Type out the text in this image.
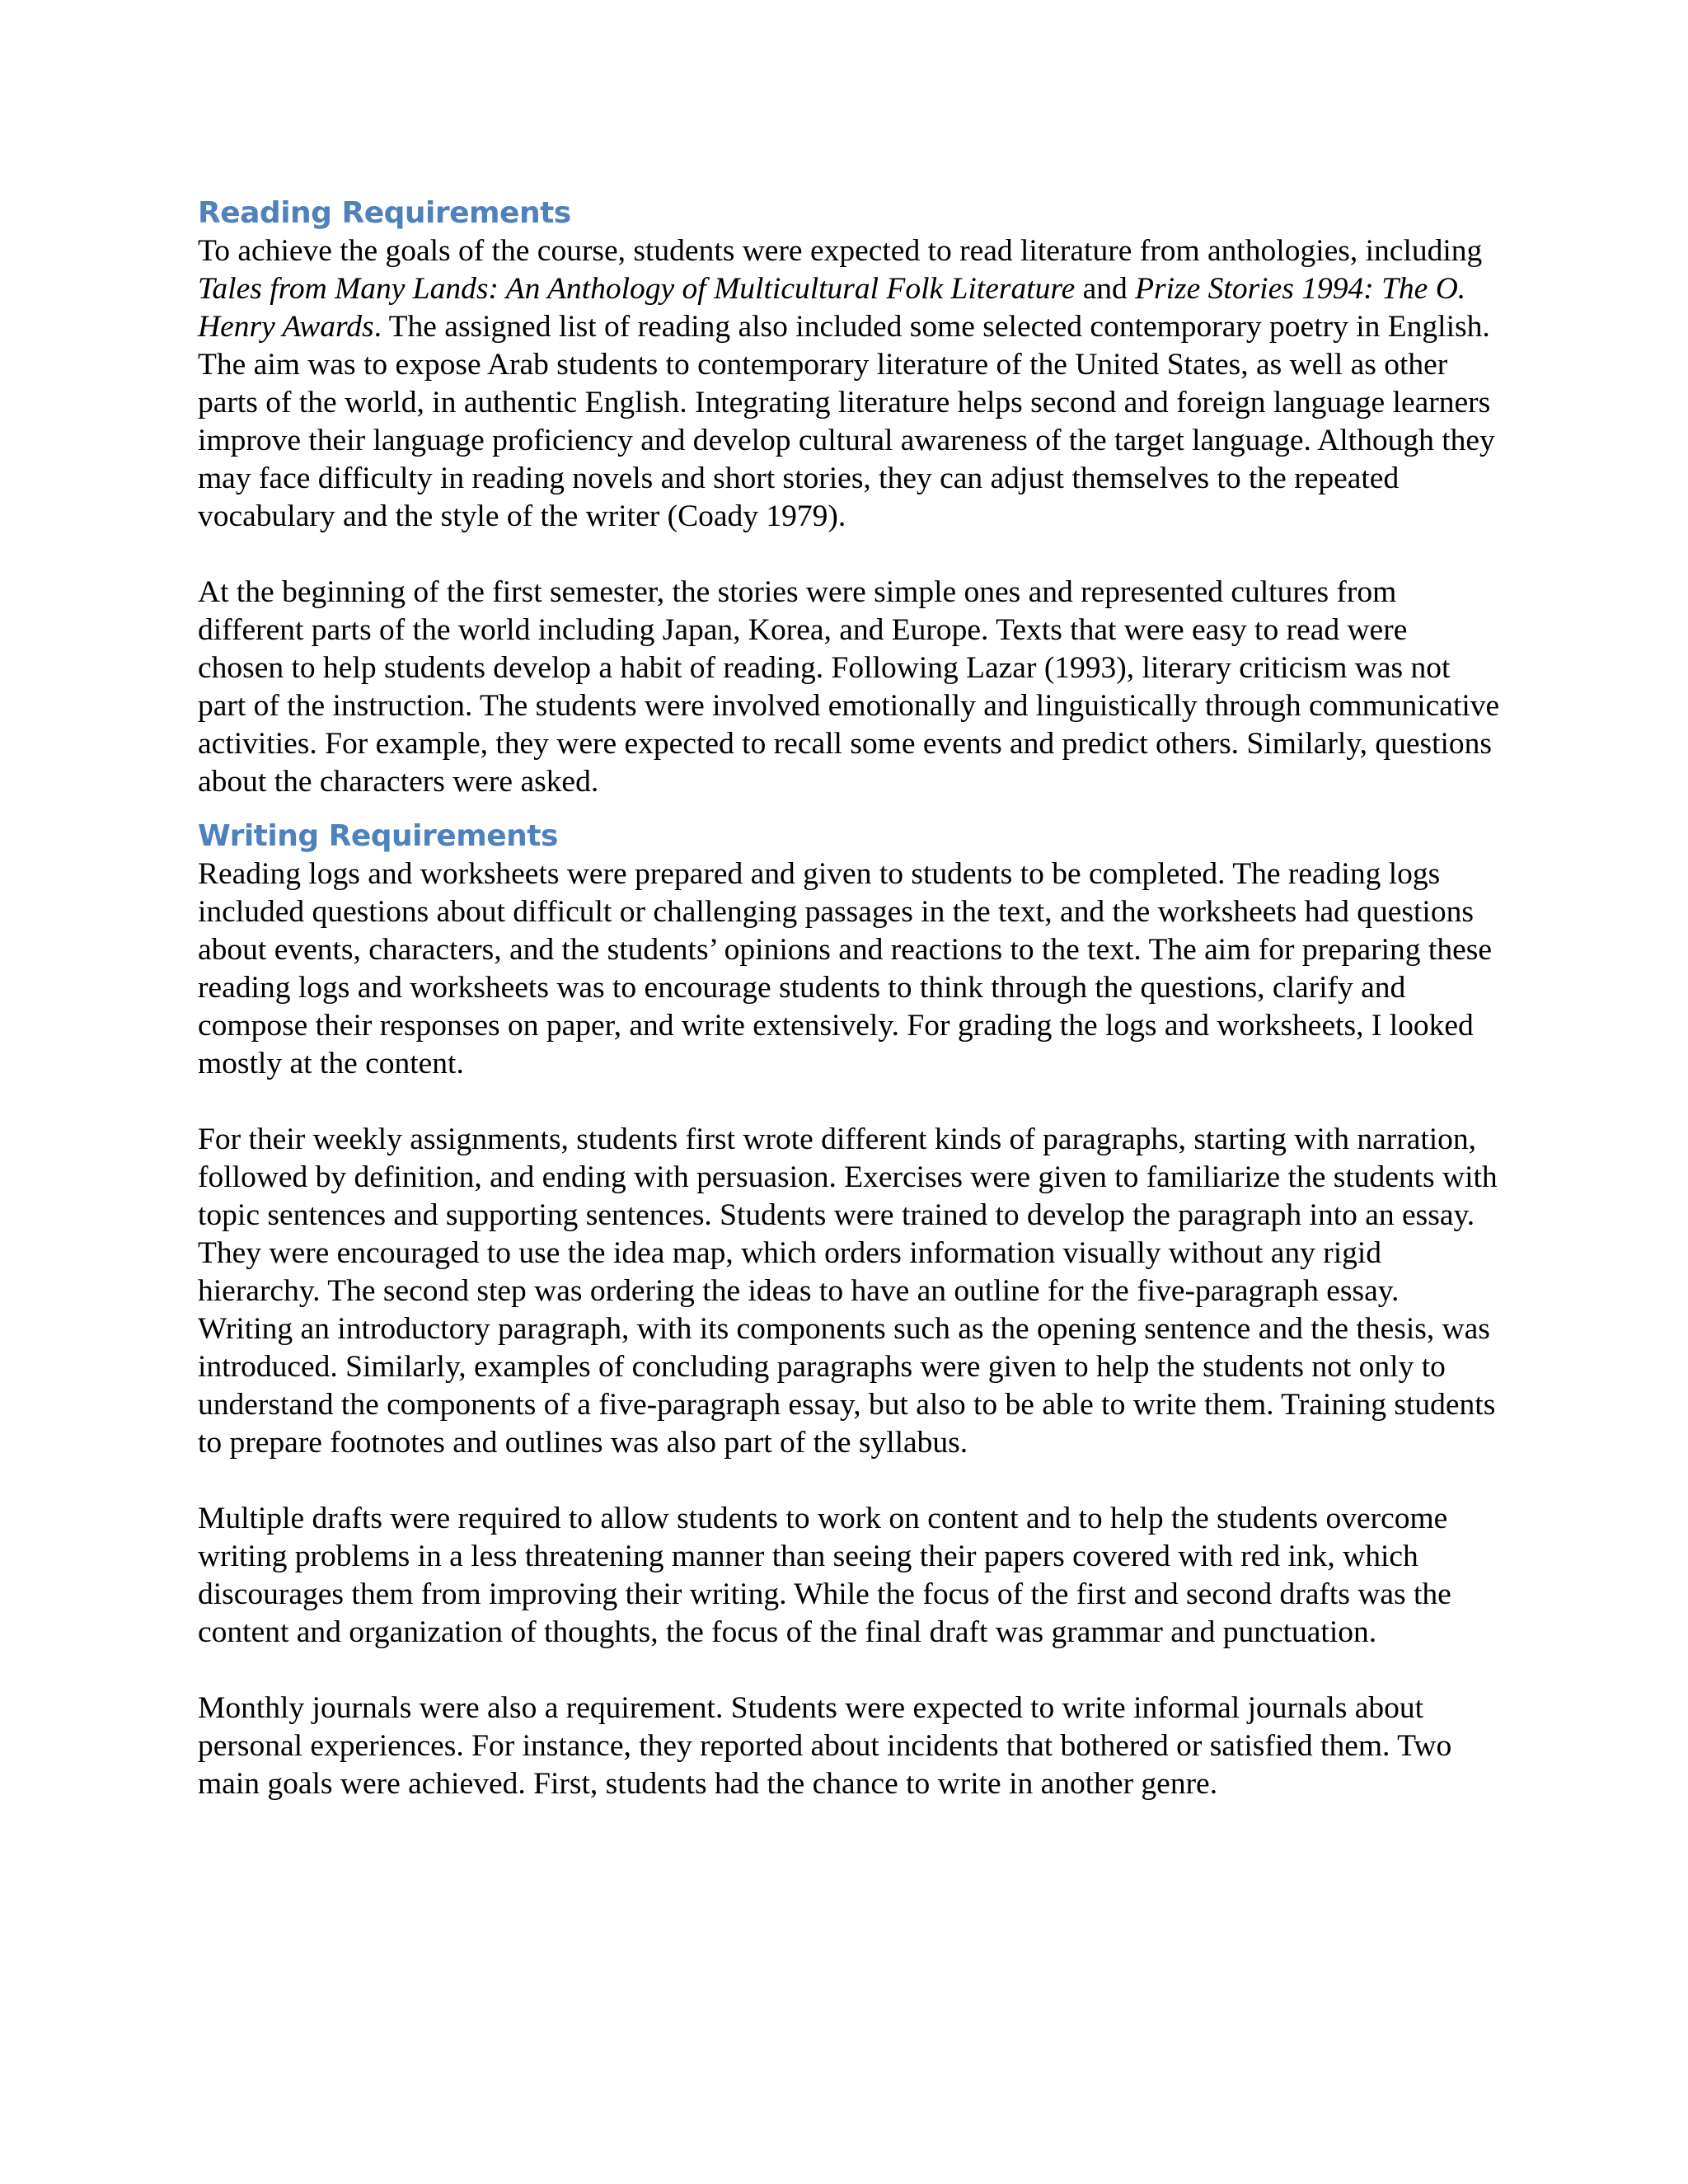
Reading Requirements

To achieve the goals of the course, students were expected to read literature from anthologies, including Tales from Many Lands: An Anthology of Multicultural Folk Literature and Prize Stories 1994: The O. Henry Awards. The assigned list of reading also included some selected contemporary poetry in English. The aim was to expose Arab students to contemporary literature of the United States, as well as other parts of the world, in authentic English. Integrating literature helps second and foreign language learners improve their language proficiency and develop cultural awareness of the target language. Although they may face difficulty in reading novels and short stories, they can adjust themselves to the repeated vocabulary and the style of the writer (Coady 1979).

At the beginning of the first semester, the stories were simple ones and represented cultures from different parts of the world including Japan, Korea, and Europe. Texts that were easy to read were chosen to help students develop a habit of reading. Following Lazar (1993), literary criticism was not part of the instruction. The students were involved emotionally and linguistically through communicative activities. For example, they were expected to recall some events and predict others. Similarly, questions about the characters were asked.

Writing Requirements

Reading logs and worksheets were prepared and given to students to be completed. The reading logs included questions about difficult or challenging passages in the text, and the worksheets had questions about events, characters, and the students’ opinions and reactions to the text. The aim for preparing these reading logs and worksheets was to encourage students to think through the questions, clarify and compose their responses on paper, and write extensively. For grading the logs and worksheets, I looked mostly at the content.

For their weekly assignments, students first wrote different kinds of paragraphs, starting with narration, followed by definition, and ending with persuasion. Exercises were given to familiarize the students with topic sentences and supporting sentences. Students were trained to develop the paragraph into an essay. They were encouraged to use the idea map, which orders information visually without any rigid hierarchy. The second step was ordering the ideas to have an outline for the five-paragraph essay. Writing an introductory paragraph, with its components such as the opening sentence and the thesis, was introduced. Similarly, examples of concluding paragraphs were given to help the students not only to understand the components of a five-paragraph essay, but also to be able to write them. Training students to prepare footnotes and outlines was also part of the syllabus.

Multiple drafts were required to allow students to work on content and to help the students overcome writing problems in a less threatening manner than seeing their papers covered with red ink, which discourages them from improving their writing. While the focus of the first and second drafts was the content and organization of thoughts, the focus of the final draft was grammar and punctuation.

Monthly journals were also a requirement. Students were expected to write informal journals about personal experiences. For instance, they reported about incidents that bothered or satisfied them. Two main goals were achieved. First, students had the chance to write in another genre.
